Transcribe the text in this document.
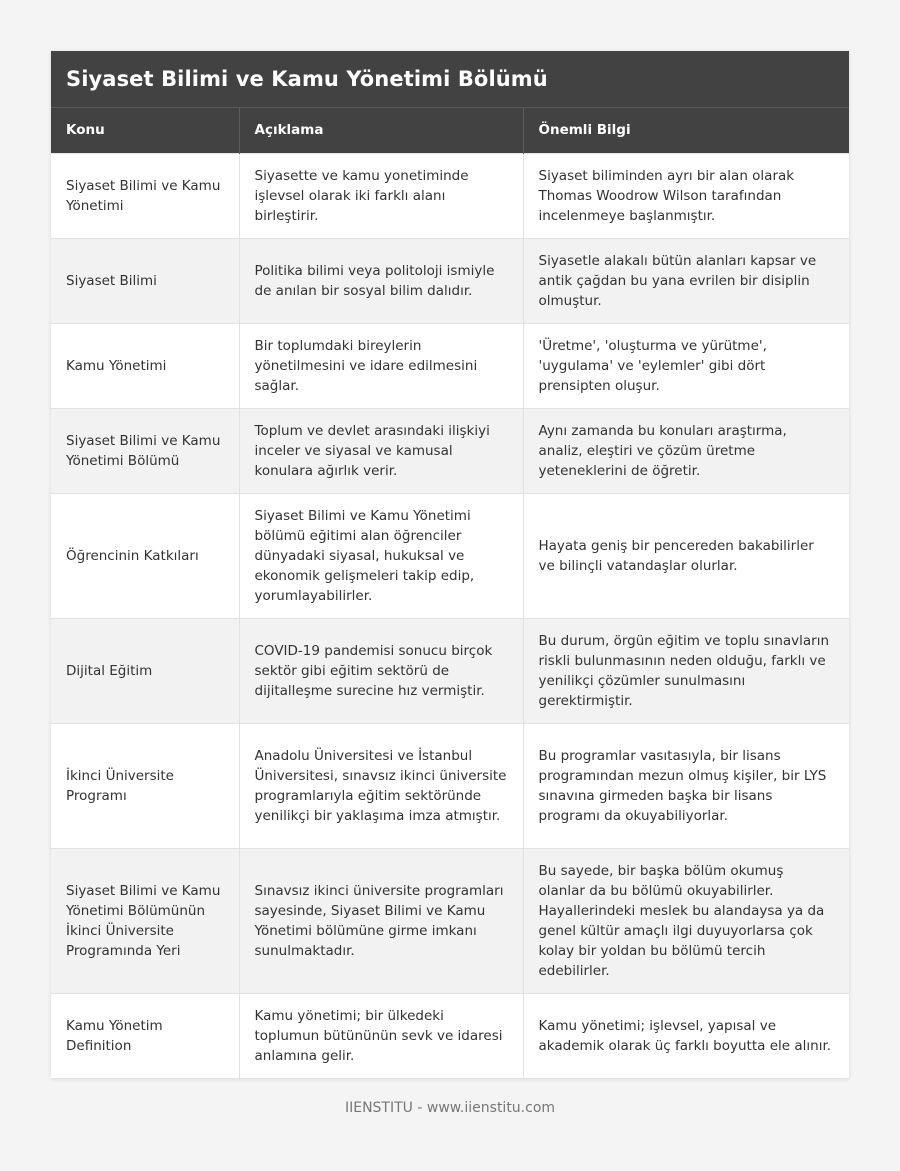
Siyaset Bilimi ve Kamu Yönetimi Bölümü
Konu	Açıklama	Önemli Bilgi
Siyaset Bilimi ve Kamu Yönetimi	Siyasette ve kamu yonetiminde işlevsel olarak iki farklı alanı birleştirir.	Siyaset biliminden ayrı bir alan olarak Thomas Woodrow Wilson tarafından incelenmeye başlanmıştır.
Siyaset Bilimi	Politika bilimi veya politoloji ismiyle de anılan bir sosyal bilim dalıdır.	Siyasetle alakalı bütün alanları kapsar ve antik çağdan bu yana evrilen bir disiplin olmuştur.
Kamu Yönetimi	Bir toplumdaki bireylerin yönetilmesini ve idare edilmesini sağlar.	'Üretme', 'oluşturma ve yürütme', 'uygulama' ve 'eylemler' gibi dört prensipten oluşur.
Siyaset Bilimi ve Kamu Yönetimi Bölümü	Toplum ve devlet arasındaki ilişkiyi inceler ve siyasal ve kamusal konulara ağırlık verir.	Aynı zamanda bu konuları araştırma, analiz, eleştiri ve çözüm üretme yeteneklerini de öğretir.
Öğrencinin Katkıları	Siyaset Bilimi ve Kamu Yönetimi bölümü eğitimi alan öğrenciler dünyadaki siyasal, hukuksal ve ekonomik gelişmeleri takip edip, yorumlayabilirler.	Hayata geniş bir pencereden bakabilirler ve bilinçli vatandaşlar olurlar.
Dijital Eğitim	COVID-19 pandemisi sonucu birçok sektör gibi eğitim sektörü de dijitalleşme surecine hız vermiştir.	Bu durum, örgün eğitim ve toplu sınavların riskli bulunmasının neden olduğu, farklı ve yenilikçi çözümler sunulmasını gerektirmiştir.
İkinci Üniversite Programı	Anadolu Üniversitesi ve İstanbul Üniversitesi, sınavsız ikinci üniversite programlarıyla eğitim sektöründe yenilikçi bir yaklaşıma imza atmıştır.	Bu programlar vasıtasıyla, bir lisans programından mezun olmuş kişiler, bir LYS sınavına girmeden başka bir lisans programı da okuyabiliyorlar.
Siyaset Bilimi ve Kamu Yönetimi Bölümünün İkinci Üniversite Programında Yeri	Sınavsız ikinci üniversite programları sayesinde, Siyaset Bilimi ve Kamu Yönetimi bölümüne girme imkanı sunulmaktadır.	Bu sayede, bir başka bölüm okumuş olanlar da bu bölümü okuyabilirler. Hayallerindeki meslek bu alandaysa ya da genel kültür amaçlı ilgi duyuyorlarsa çok kolay bir yoldan bu bölümü tercih edebilirler.
Kamu Yönetim Definition	Kamu yönetimi; bir ülkedeki toplumun bütününün sevk ve idaresi anlamına gelir.	Kamu yönetimi; işlevsel, yapısal ve akademik olarak üç farklı boyutta ele alınır.
IIENSTITU - www.iienstitu.com
